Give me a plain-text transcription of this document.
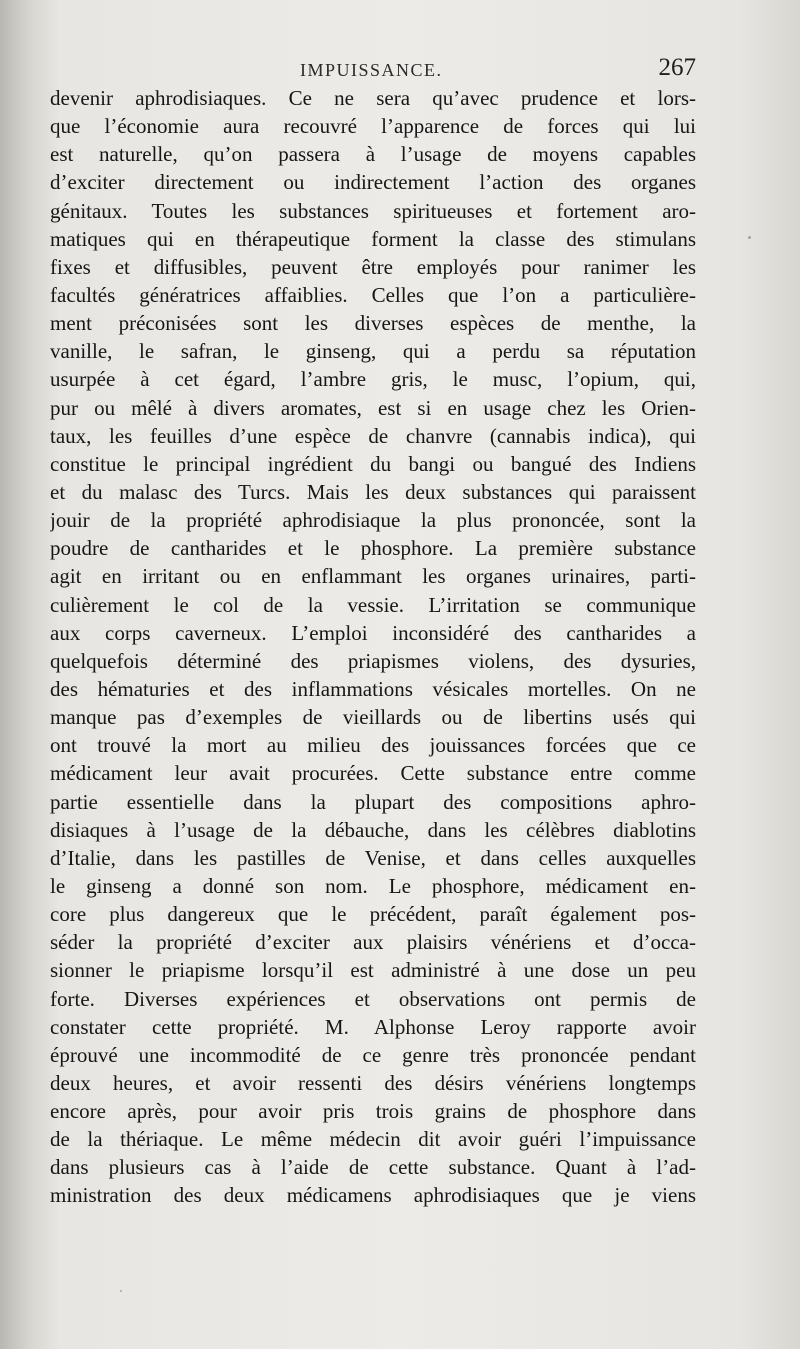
IMPUISSANCE.	267
devenir aphrodisiaques. Ce ne sera qu’avec prudence et lors-
que l’économie aura recouvré l’apparence de forces qui lui
est naturelle, qu’on passera à l’usage de moyens capables
d’exciter directement ou indirectement l’action des organes
génitaux. Toutes les substances spiritueuses et fortement aro-
matiques qui en thérapeutique forment la classe des stimulans
fixes et diffusibles, peuvent être employés pour ranimer les
facultés génératrices affaiblies. Celles que l’on a particulière-
ment préconisées sont les diverses espèces de menthe, la
vanille, le safran, le ginseng, qui a perdu sa réputation
usurpée à cet égard, l’ambre gris, le musc, l’opium, qui,
pur ou mêlé à divers aromates, est si en usage chez les Orien-
taux, les feuilles d’une espèce de chanvre (cannabis indica), qui
constitue le principal ingrédient du bangi ou bangué des Indiens
et du malasc des Turcs. Mais les deux substances qui paraissent
jouir de la propriété aphrodisiaque la plus prononcée, sont la
poudre de cantharides et le phosphore. La première substance
agit en irritant ou en enflammant les organes urinaires, parti-
culièrement le col de la vessie. L’irritation se communique
aux corps caverneux. L’emploi inconsidéré des cantharides a
quelquefois déterminé des priapismes violens, des dysuries,
des hématuries et des inflammations vésicales mortelles. On ne
manque pas d’exemples de vieillards ou de libertins usés qui
ont trouvé la mort au milieu des jouissances forcées que ce
médicament leur avait procurées. Cette substance entre comme
partie essentielle dans la plupart des compositions aphro-
disiaques à l’usage de la débauche, dans les célèbres diablotins
d’Italie, dans les pastilles de Venise, et dans celles auxquelles
le ginseng a donné son nom. Le phosphore, médicament en-
core plus dangereux que le précédent, paraît également pos-
séder la propriété d’exciter aux plaisirs vénériens et d’occa-
sionner le priapisme lorsqu’il est administré à une dose un peu
forte. Diverses expériences et observations ont permis de
constater cette propriété. M. Alphonse Leroy rapporte avoir
éprouvé une incommodité de ce genre très prononcée pendant
deux heures, et avoir ressenti des désirs vénériens longtemps
encore après, pour avoir pris trois grains de phosphore dans
de la thériaque. Le même médecin dit avoir guéri l’impuissance
dans plusieurs cas à l’aide de cette substance. Quant à l’ad-
ministration des deux médicamens aphrodisiaques que je viens
